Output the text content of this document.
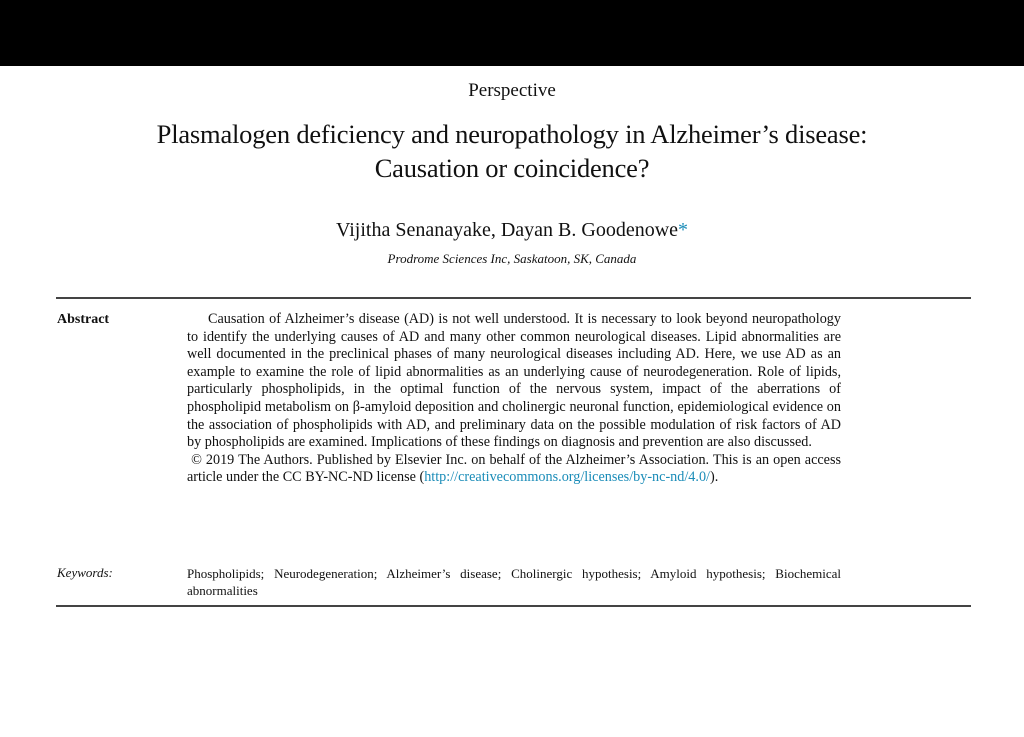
Perspective
Plasmalogen deficiency and neuropathology in Alzheimer’s disease:
Causation or coincidence?
Vijitha Senanayake, Dayan B. Goodenowe*
Prodrome Sciences Inc, Saskatoon, SK, Canada
Abstract	Causation of Alzheimer’s disease (AD) is not well understood. It is necessary to look beyond neuropathology to identify the underlying causes of AD and many other common neurological diseases. Lipid abnormalities are well documented in the preclinical phases of many neurological diseases including AD. Here, we use AD as an example to examine the role of lipid abnormalities as an underlying cause of neurodegeneration. Role of lipids, particularly phospholipids, in the optimal function of the nervous system, impact of the aberrations of phospholipid metabolism on β-amyloid deposition and cholinergic neuronal function, epidemiological evidence on the association of phospholipids with AD, and preliminary data on the possible modulation of risk factors of AD by phospholipids are examined. Implications of these findings on diagnosis and prevention are also discussed.

© 2019 The Authors. Published by Elsevier Inc. on behalf of the Alzheimer’s Association. This is an open access article under the CC BY-NC-ND license (http://creativecommons.org/licenses/by-nc-nd/4.0/).

Keywords:	Phospholipids; Neurodegeneration; Alzheimer’s disease; Cholinergic hypothesis; Amyloid hypothesis; Biochemical abnormalities
